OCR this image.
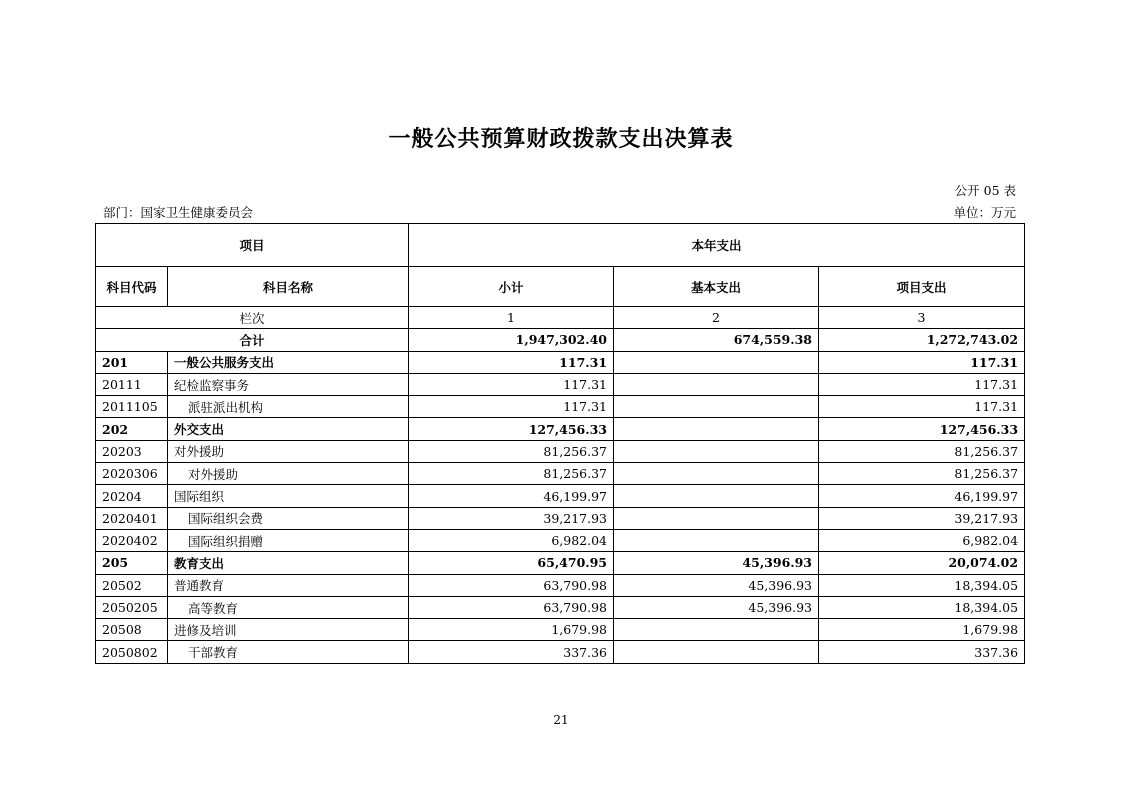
一般公共预算财政拨款支出决算表
公开 05 表
部门：国家卫生健康委员会	单位：万元
项目		本年支出		
科目代码	科目名称	小计	基本支出	项目支出
栏次		1	2	3
合计		1,947,302.40	674,559.38	1,272,743.02
201	一般公共服务支出	117.31		117.31
20111	纪检监察事务	117.31		117.31
2011105	派驻派出机构	117.31		117.31
202	外交支出	127,456.33		127,456.33
20203	对外援助	81,256.37		81,256.37
2020306	对外援助	81,256.37		81,256.37
20204	国际组织	46,199.97		46,199.97
2020401	国际组织会费	39,217.93		39,217.93
2020402	国际组织捐赠	6,982.04		6,982.04
205	教育支出	65,470.95	45,396.93	20,074.02
20502	普通教育	63,790.98	45,396.93	18,394.05
2050205	高等教育	63,790.98	45,396.93	18,394.05
20508	进修及培训	1,679.98		1,679.98
2050802	干部教育	337.36		337.36
21
